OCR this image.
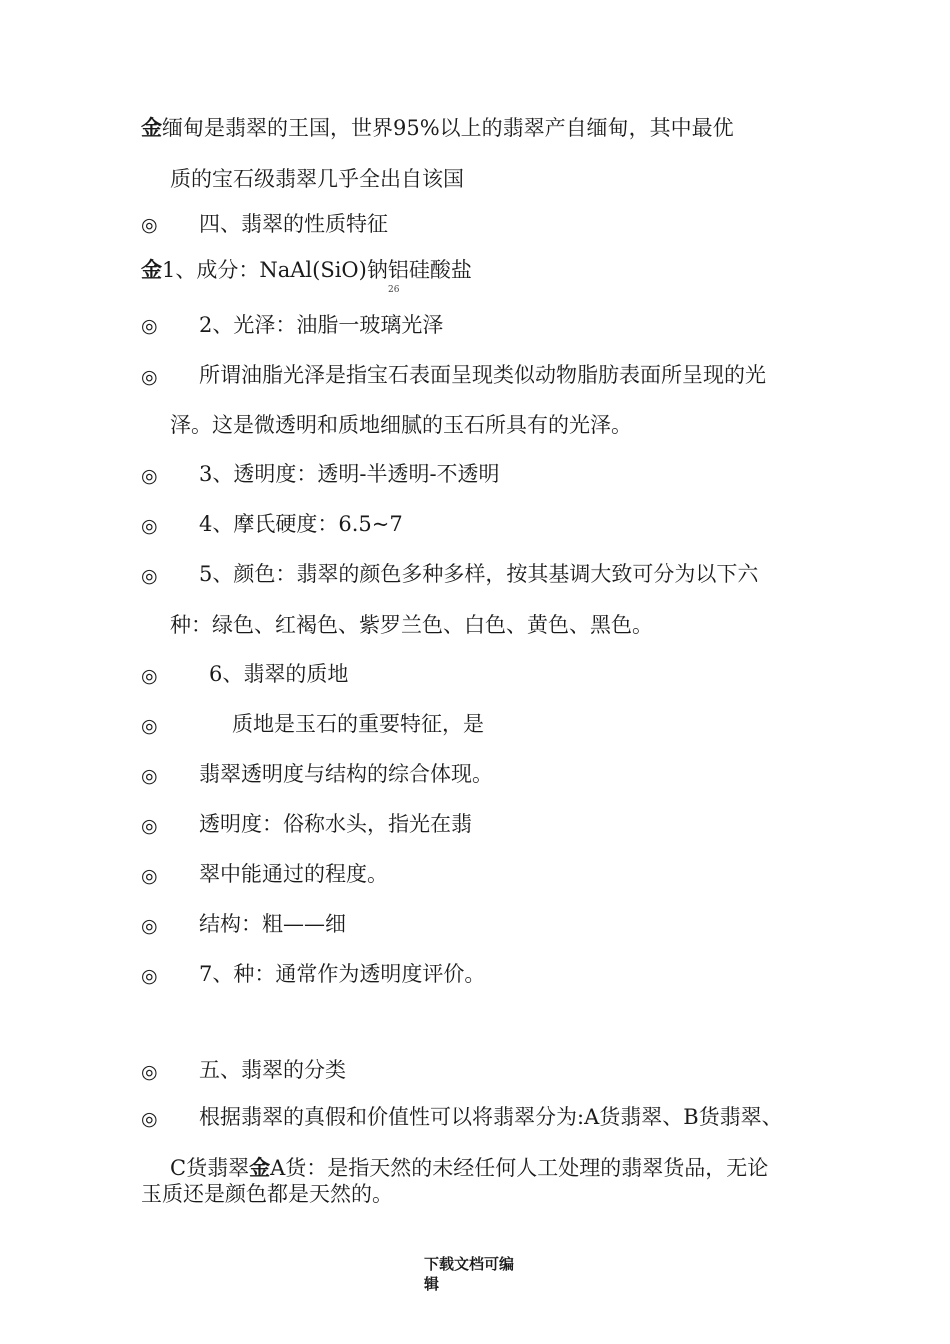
金缅甸是翡翠的王国，世界95%以上的翡翠产自缅甸，其中最优
质的宝石级翡翠几乎全出自该国
◎ 四、翡翠的性质特征
金1、成分：NaAl(SiO)钠铝硅酸盐
26
◎ 2、光泽：油脂一玻璃光泽
◎ 所谓油脂光泽是指宝石表面呈现类似动物脂肪表面所呈现的光
泽。这是微透明和质地细腻的玉石所具有的光泽。
◎ 3、透明度：透明-半透明-不透明
◎ 4、摩氏硬度：6.5~7
◎ 5、颜色：翡翠的颜色多种多样，按其基调大致可分为以下六
种：绿色、红褐色、紫罗兰色、白色、黄色、黑色。
◎ 6、翡翠的质地
◎	质地是玉石的重要特征，是
◎ 翡翠透明度与结构的综合体现。
◎ 透明度：俗称水头，指光在翡
◎ 翠中能通过的程度。
◎ 结构：粗——细
◎ 7、种：通常作为透明度评价。
◎ 五、翡翠的分类
◎ 根据翡翠的真假和价值性可以将翡翠分为:A货翡翠、B货翡翠、
C货翡翠金A货：是指天然的未经任何人工处理的翡翠货品，无论
玉质还是颜色都是天然的。
下载文档可编
辑
